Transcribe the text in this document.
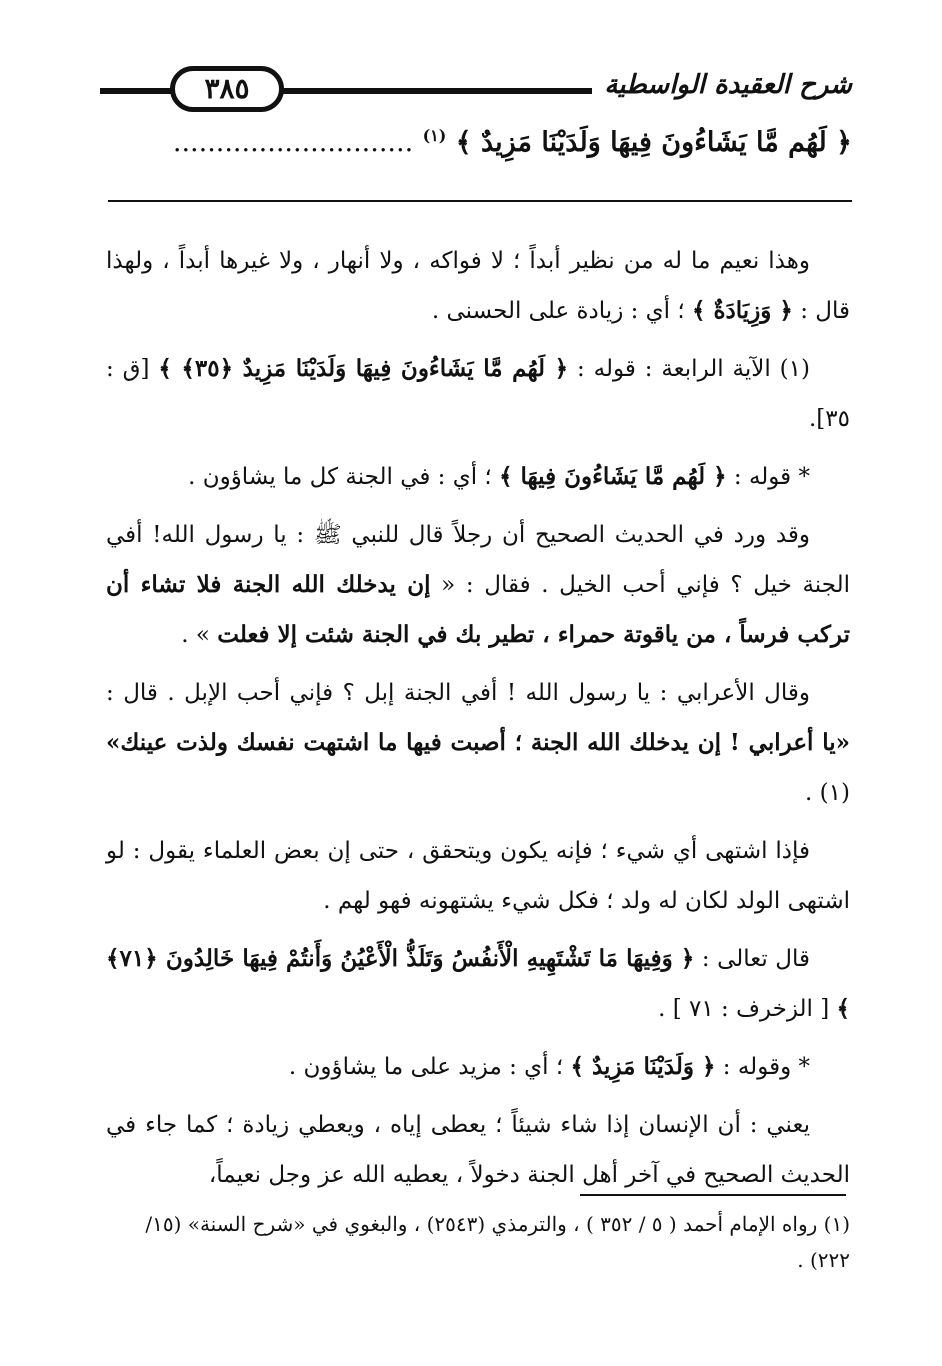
شرح العقيدة الواسطية
٣٨٥
﴿ لَهُم مَّا يَشَاءُونَ فِيهَا وَلَدَيْنَا مَزِيدٌ ﴾ $^{(١)}$ ............................

وهذا نعيم ما له من نظير أبداً ؛ لا فواكه ، ولا أنهار ، ولا غيرها أبداً ، ولهذا قال : ﴿ وَزِيَادَةٌ ﴾ ؛ أي : زيادة على الحسنى .

(١) الآية الرابعة : قوله : ﴿ لَهُم مَّا يَشَاءُونَ فِيهَا وَلَدَيْنَا مَزِيدٌ ﴿٣٥﴾ ﴾ [ق : ٣٥].

* قوله : ﴿ لَهُم مَّا يَشَاءُونَ فِيهَا ﴾ ؛ أي : في الجنة كل ما يشاؤون .

وقد ورد في الحديث الصحيح أن رجلاً قال للنبي ﷺ : يا رسول الله! أفي الجنة خيل ؟ فإني أحب الخيل . فقال : « إن يدخلك الله الجنة فلا تشاء أن تركب فرساً ، من ياقوتة حمراء ، تطير بك في الجنة شئت إلا فعلت » .

وقال الأعرابي : يا رسول الله ! أفي الجنة إبل ؟ فإني أحب الإبل . قال : «يا أعرابي ! إن يدخلك الله الجنة ؛ أصبت فيها ما اشتهت نفسك ولذت عينك» (١) .

فإذا اشتهى أي شيء ؛ فإنه يكون ويتحقق ، حتى إن بعض العلماء يقول : لو اشتهى الولد لكان له ولد ؛ فكل شيء يشتهونه فهو لهم .

قال تعالى : ﴿ وَفِيهَا مَا تَشْتَهِيهِ الْأَنفُسُ وَتَلَذُّ الْأَعْيُنُ وَأَنتُمْ فِيهَا خَالِدُونَ ﴿٧١﴾ ﴾ [ الزخرف : ٧١ ] .

* وقوله : ﴿ وَلَدَيْنَا مَزِيدٌ ﴾ ؛ أي : مزيد على ما يشاؤون .

يعني : أن الإنسان إذا شاء شيئاً ؛ يعطى إياه ، ويعطي زيادة ؛ كما جاء في الحديث الصحيح في آخر أهل الجنة دخولاً ، يعطيه الله عز وجل نعيماً،

(١) رواه الإمام أحمد ( ٥ / ٣٥٢ ) ، والترمذي (٢٥٤٣) ، والبغوي في «شرح السنة» (١٥/ ٢٢٢) .
